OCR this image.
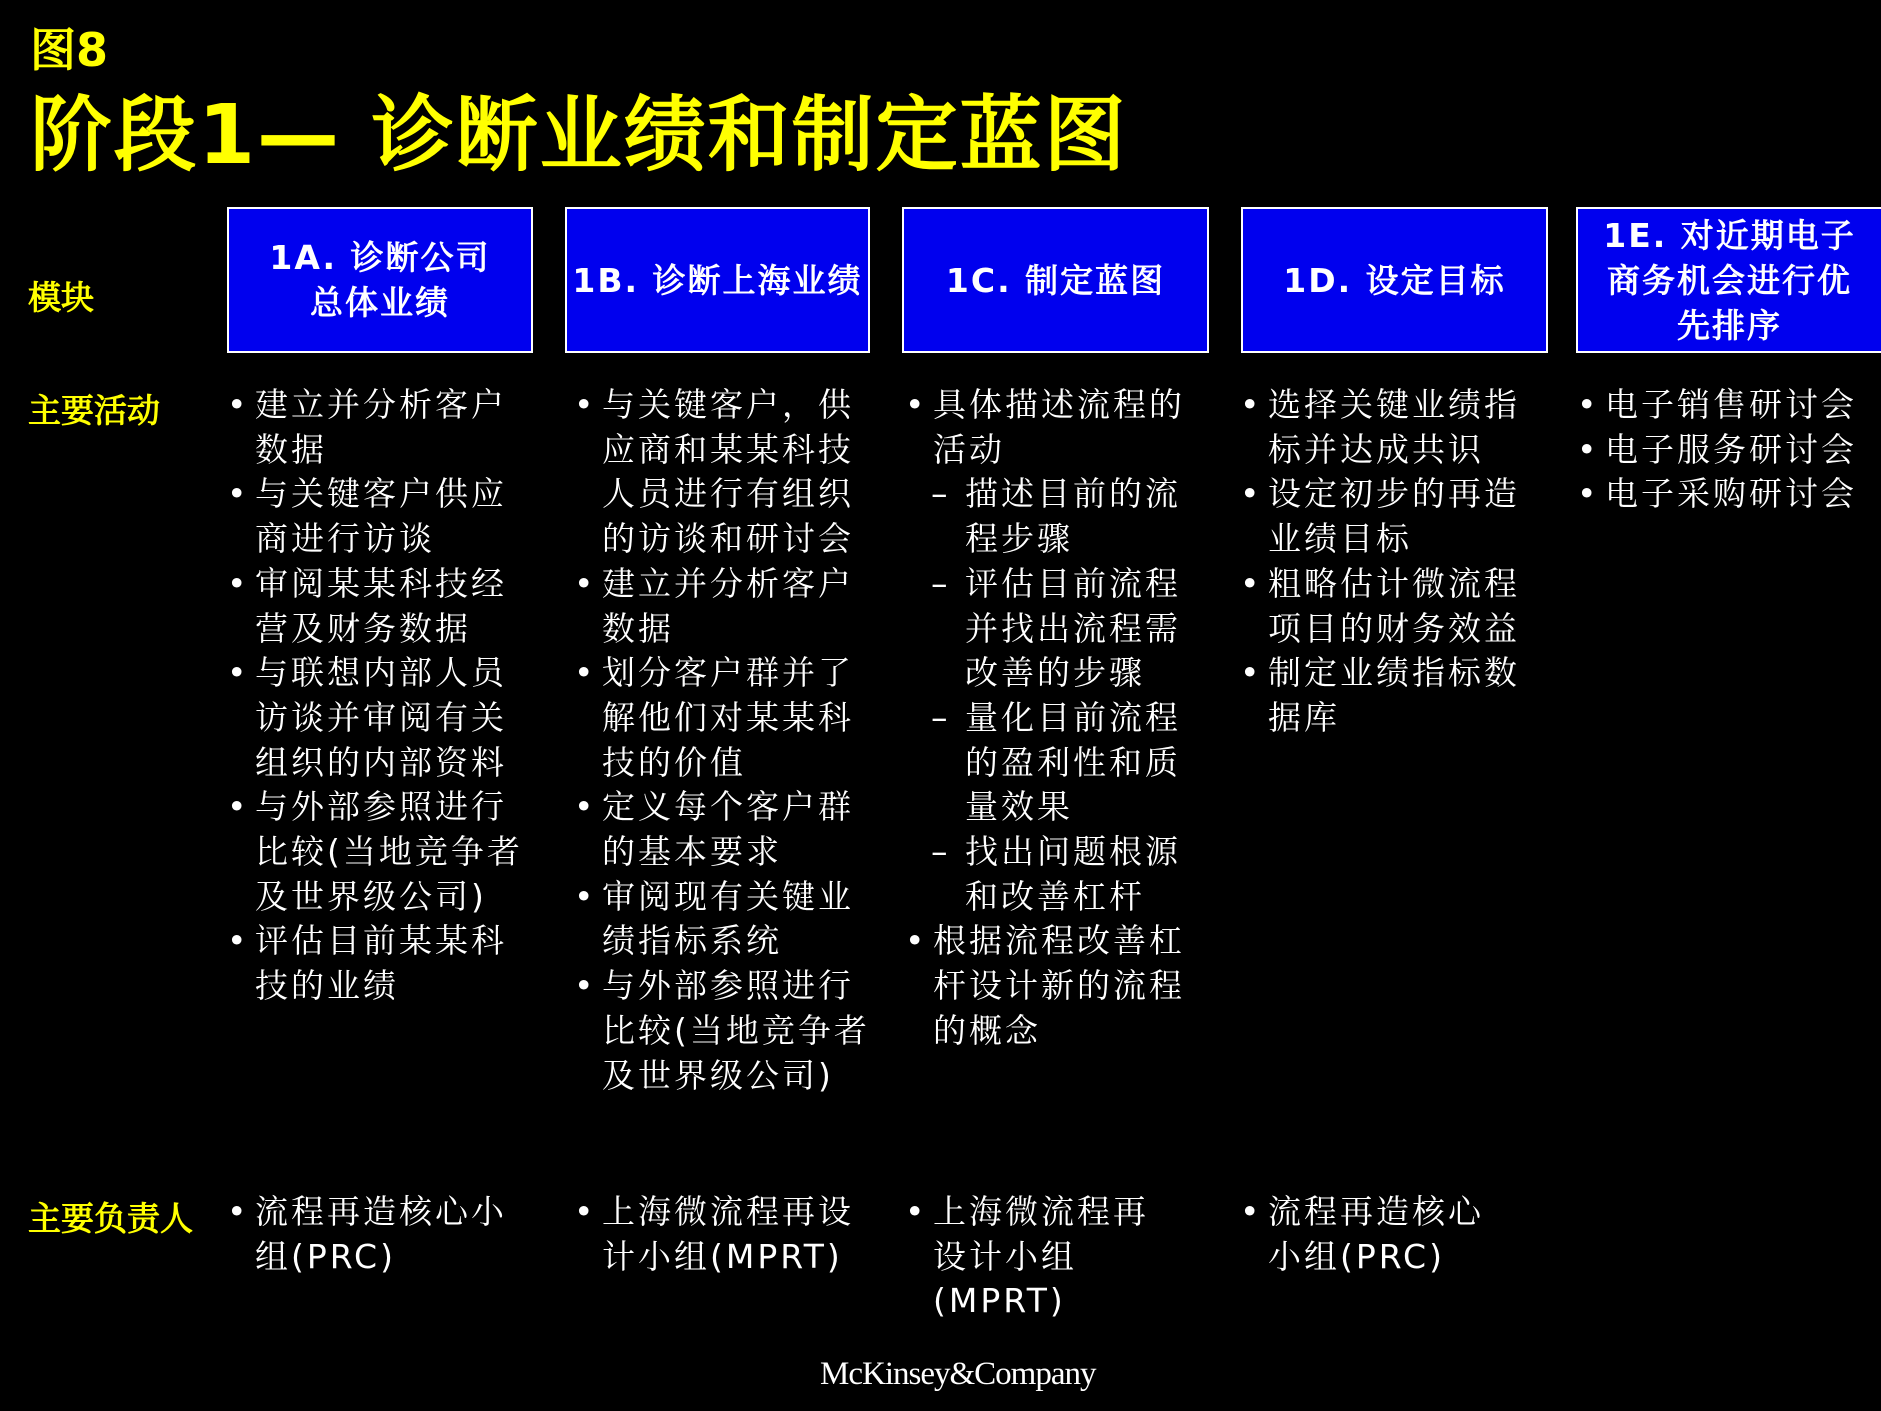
图8
阶段1— 诊断业绩和制定蓝图
模块
主要活动
主要负责人
1A. 诊断公司总体业绩
1B. 诊断上海业绩	1C. 制定蓝图	1D. 设定目标
1E. 对近期电子商务机会进行优先排序
• 建立并分析客户数据
• 与关键客户供应商进行访谈
• 审阅某某科技经营及财务数据
• 与联想内部人员访谈并审阅有关组织的内部资料
• 与外部参照进行比较(当地竞争者及世界级公司)
• 评估目前某某科技的业绩
• 与关键客户，供应商和某某科技人员进行有组织的访谈和研讨会
• 建立并分析客户数据
• 划分客户群并了解他们对某某科技的价值
• 定义每个客户群的基本要求
• 审阅现有关键业绩指标系统
• 与外部参照进行比较(当地竞争者及世界级公司)
• 具体描述流程的活动
– 描述目前的流程步骤
– 评估目前流程并找出流程需改善的步骤
– 量化目前流程的盈利性和质量效果
– 找出问题根源和改善杠杆
• 根据流程改善杠杆设计新的流程的概念
• 选择关键业绩指标并达成共识
• 设定初步的再造业绩目标
• 粗略估计微流程项目的财务效益
• 制定业绩指标数据库
• 电子销售研讨会
• 电子服务研讨会
• 电子采购研讨会
• 流程再造核心小组(PRC)
• 上海微流程再设计小组(MPRT)
• 上海微流程再设计小组(MPRT)
• 流程再造核心小组(PRC)
McKinsey&Company
